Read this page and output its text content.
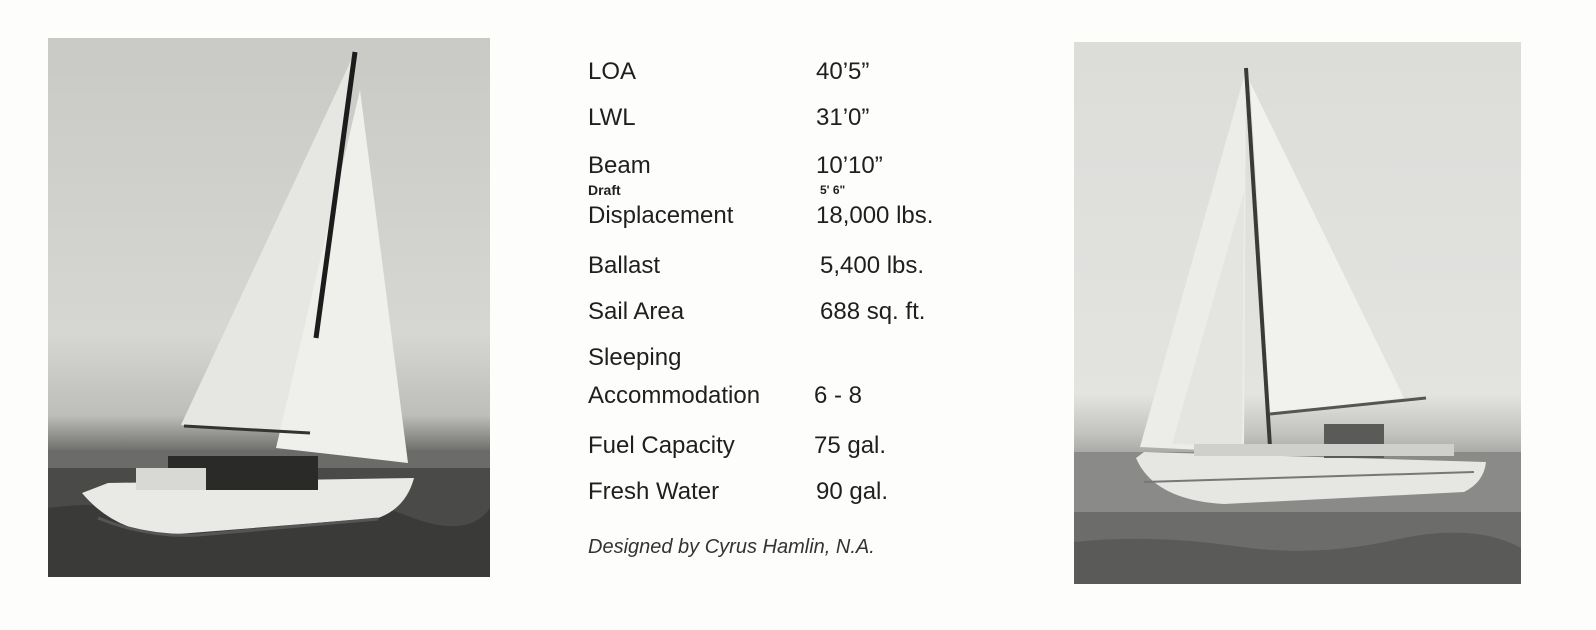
LOA	40’5”
LWL	31’0”
Beam	10’10”
Draft	5' 6"
Displacement	18,000 lbs.
Ballast	5,400 lbs.
Sail Area	688 sq. ft.
Sleeping
Accommodation 6 - 8
Fuel Capacity	75 gal.
Fresh Water	90 gal.
Designed by Cyrus Hamlin, N.A.
